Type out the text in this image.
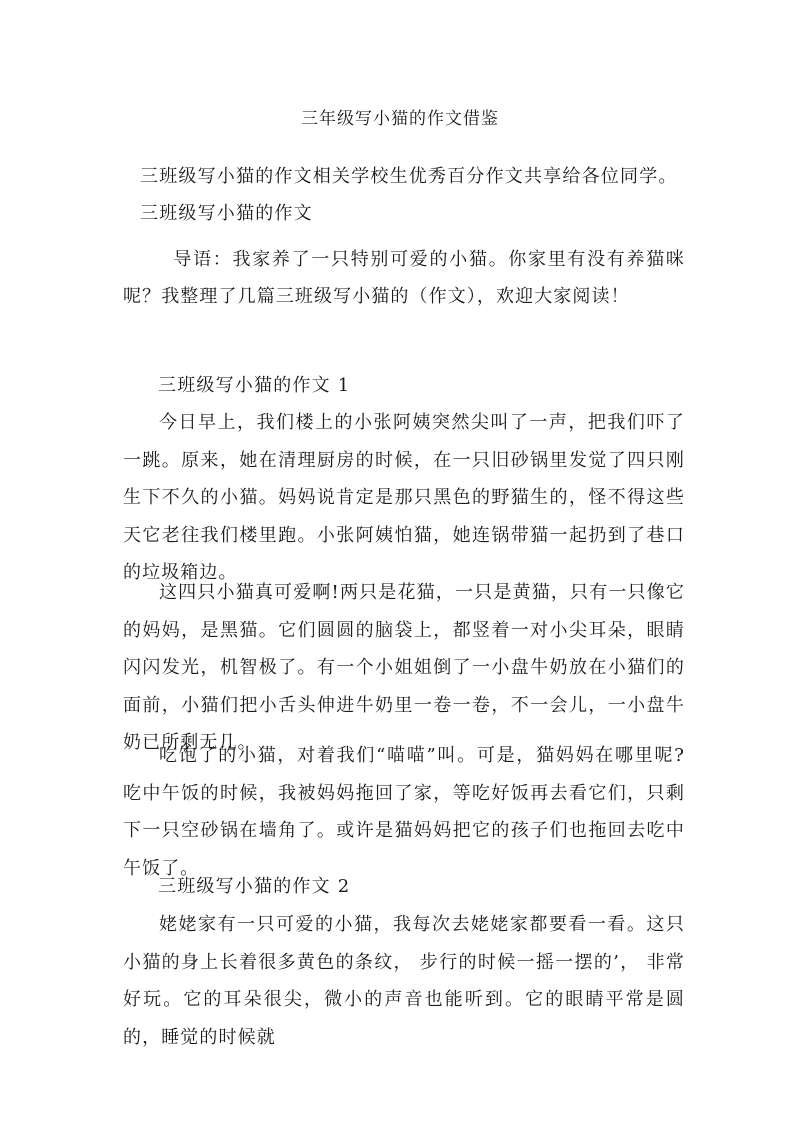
三年级写小猫的作文借鉴
三班级写小猫的作文相关学校生优秀百分作文共享给各位同学。
三班级写小猫的作文
导语：我家养了一只特别可爱的小猫。你家里有没有养猫咪呢？我整理了几篇三班级写小猫的（作文），欢迎大家阅读！
三班级写小猫的作文 1
今日早上，我们楼上的小张阿姨突然尖叫了一声，把我们吓了一跳。原来，她在清理厨房的时候，在一只旧砂锅里发觉了四只刚生下不久的小猫。妈妈说肯定是那只黑色的野猫生的，怪不得这些天它老往我们楼里跑。小张阿姨怕猫，她连锅带猫一起扔到了巷口的垃圾箱边。
这四只小猫真可爱啊!两只是花猫，一只是黄猫，只有一只像它的妈妈，是黑猫。它们圆圆的脑袋上，都竖着一对小尖耳朵，眼睛闪闪发光，机智极了。有一个小姐姐倒了一小盘牛奶放在小猫们的面前，小猫们把小舌头伸进牛奶里一卷一卷，不一会儿，一小盘牛奶已所剩无几。
吃饱了的小猫，对着我们“喵喵”叫。可是，猫妈妈在哪里呢?吃中午饭的时候，我被妈妈拖回了家，等吃好饭再去看它们，只剩下一只空砂锅在墙角了。或许是猫妈妈把它的孩子们也拖回去吃中午饭了。
三班级写小猫的作文 2
姥姥家有一只可爱的小猫，我每次去姥姥家都要看一看。这只小猫的身上长着很多黄色的条纹， 步行的时候一摇一摆的’， 非常好玩。它的耳朵很尖，微小的声音也能听到。它的眼睛平常是圆的，睡觉的时候就
